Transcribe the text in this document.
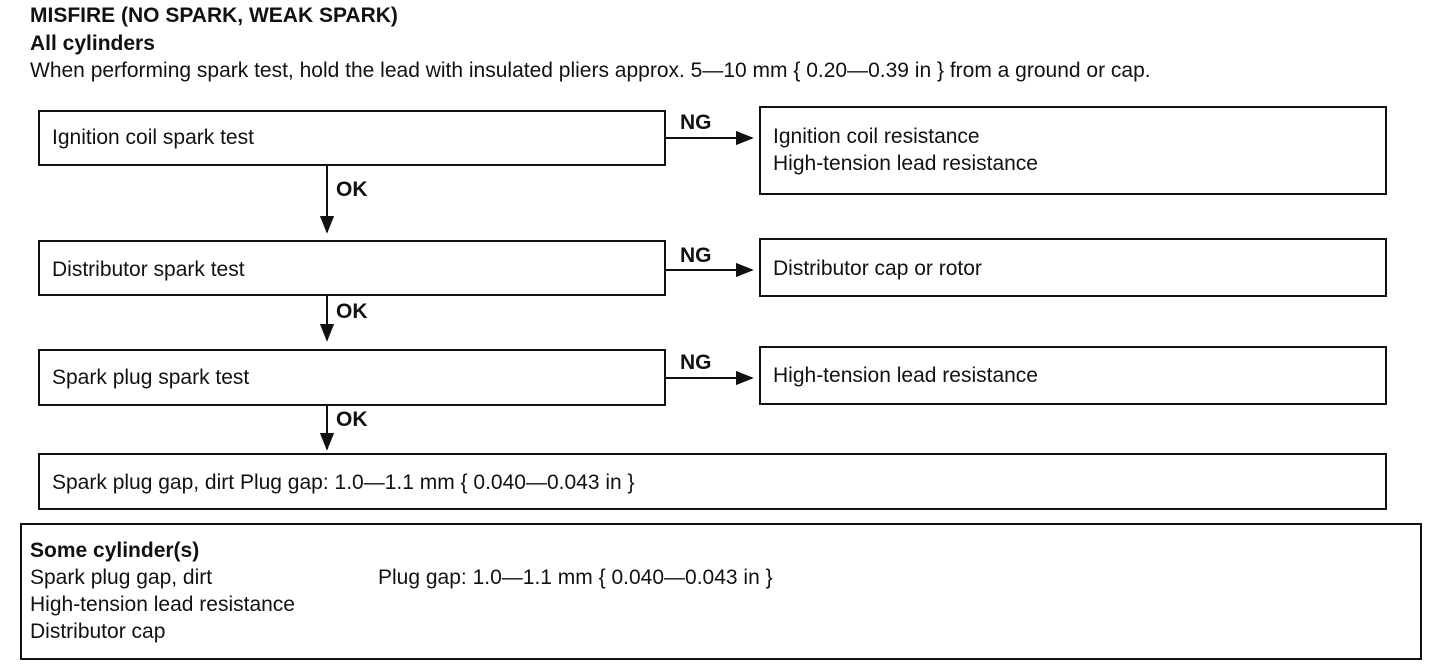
MISFIRE (NO SPARK, WEAK SPARK)
All cylinders
When performing spark test, hold the lead with insulated pliers approx. 5—10 mm { 0.20—0.39 in } from a ground or cap.
Ignition coil spark test
Distributor spark test
Spark plug spark test
Spark plug gap, dirt Plug gap: 1.0—1.1 mm { 0.040—0.043 in }
Ignition coil resistance
High-tension lead resistance
Distributor cap or rotor
High-tension lead resistance
NG
NG
NG
OK
OK
OK
Some cylinder(s)
Spark plug gap, dirt
High-tension lead resistance
Distributor cap
Plug gap: 1.0—1.1 mm { 0.040—0.043 in }
